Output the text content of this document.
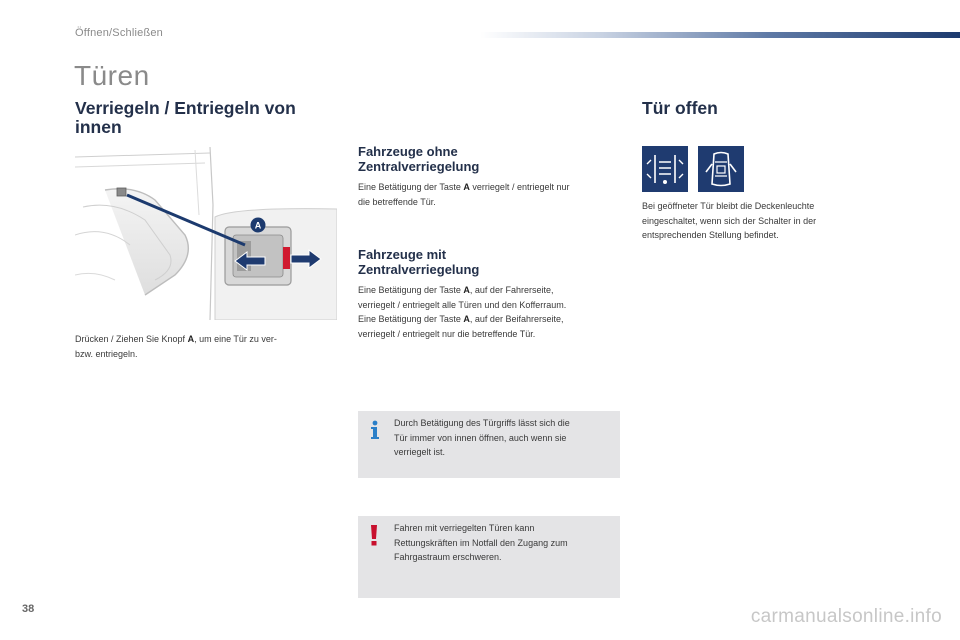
Öffnen/Schließen
Türen
Verriegeln / Entriegeln von
innen
A
Drücken / Ziehen Sie Knopf A, um eine Tür zu ver-
bzw. entriegeln.
Fahrzeuge ohne
Zentralverriegelung
Eine Betätigung der Taste A verriegelt / entriegelt nur
die betreffende Tür.
Fahrzeuge mit
Zentralverriegelung
Eine Betätigung der Taste A, auf der Fahrerseite,
verriegelt / entriegelt alle Türen und den Kofferraum.
Eine Betätigung der Taste A, auf der Beifahrerseite,
verriegelt / entriegelt nur die betreffende Tür.
Durch Betätigung des Türgriffs lässt sich die
Tür immer von innen öffnen, auch wenn sie
verriegelt ist.
Fahren mit verriegelten Türen kann
Rettungskräften im Notfall den Zugang zum
Fahrgastraum erschweren.
Tür offen
Bei geöffneter Tür bleibt die Deckenleuchte
eingeschaltet, wenn sich der Schalter in der
entsprechenden Stellung befindet.
38	carmanualsonline.info
